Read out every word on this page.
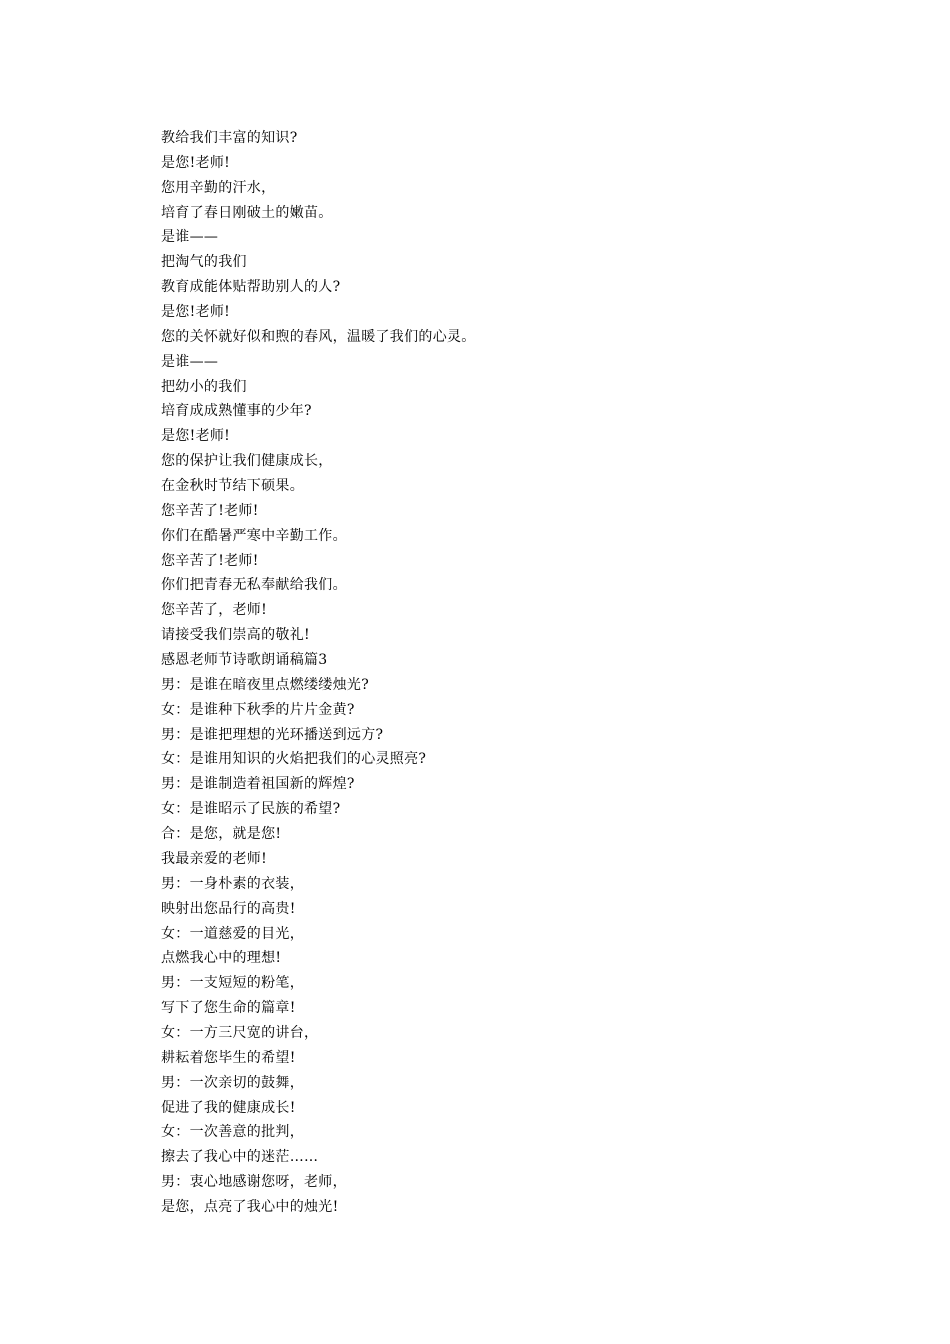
教给我们丰富的知识?
是您!老师!
您用辛勤的汗水，
培育了春日刚破土的嫩苗。
是谁——
把淘气的我们
教育成能体贴帮助别人的人?
是您!老师!
您的关怀就好似和煦的春风，温暖了我们的心灵。
是谁——
把幼小的我们
培育成成熟懂事的少年?
是您!老师!
您的保护让我们健康成长，
在金秋时节结下硕果。
您辛苦了!老师!
你们在酷暑严寒中辛勤工作。
您辛苦了!老师!
你们把青春无私奉献给我们。
您辛苦了，老师!
请接受我们崇高的敬礼!
感恩老师节诗歌朗诵稿篇3
男：是谁在暗夜里点燃缕缕烛光?
女：是谁种下秋季的片片金黄?
男：是谁把理想的光环播送到远方?
女：是谁用知识的火焰把我们的心灵照亮?
男：是谁制造着祖国新的辉煌?
女：是谁昭示了民族的希望?
合：是您，就是您!
我最亲爱的老师!
男：一身朴素的衣装，
映射出您品行的高贵!
女：一道慈爱的目光，
点燃我心中的理想!
男：一支短短的粉笔，
写下了您生命的篇章!
女：一方三尺宽的讲台，
耕耘着您毕生的希望!
男：一次亲切的鼓舞，
促进了我的健康成长!
女：一次善意的批判，
擦去了我心中的迷茫……
男：衷心地感谢您呀，老师，
是您，点亮了我心中的烛光!
